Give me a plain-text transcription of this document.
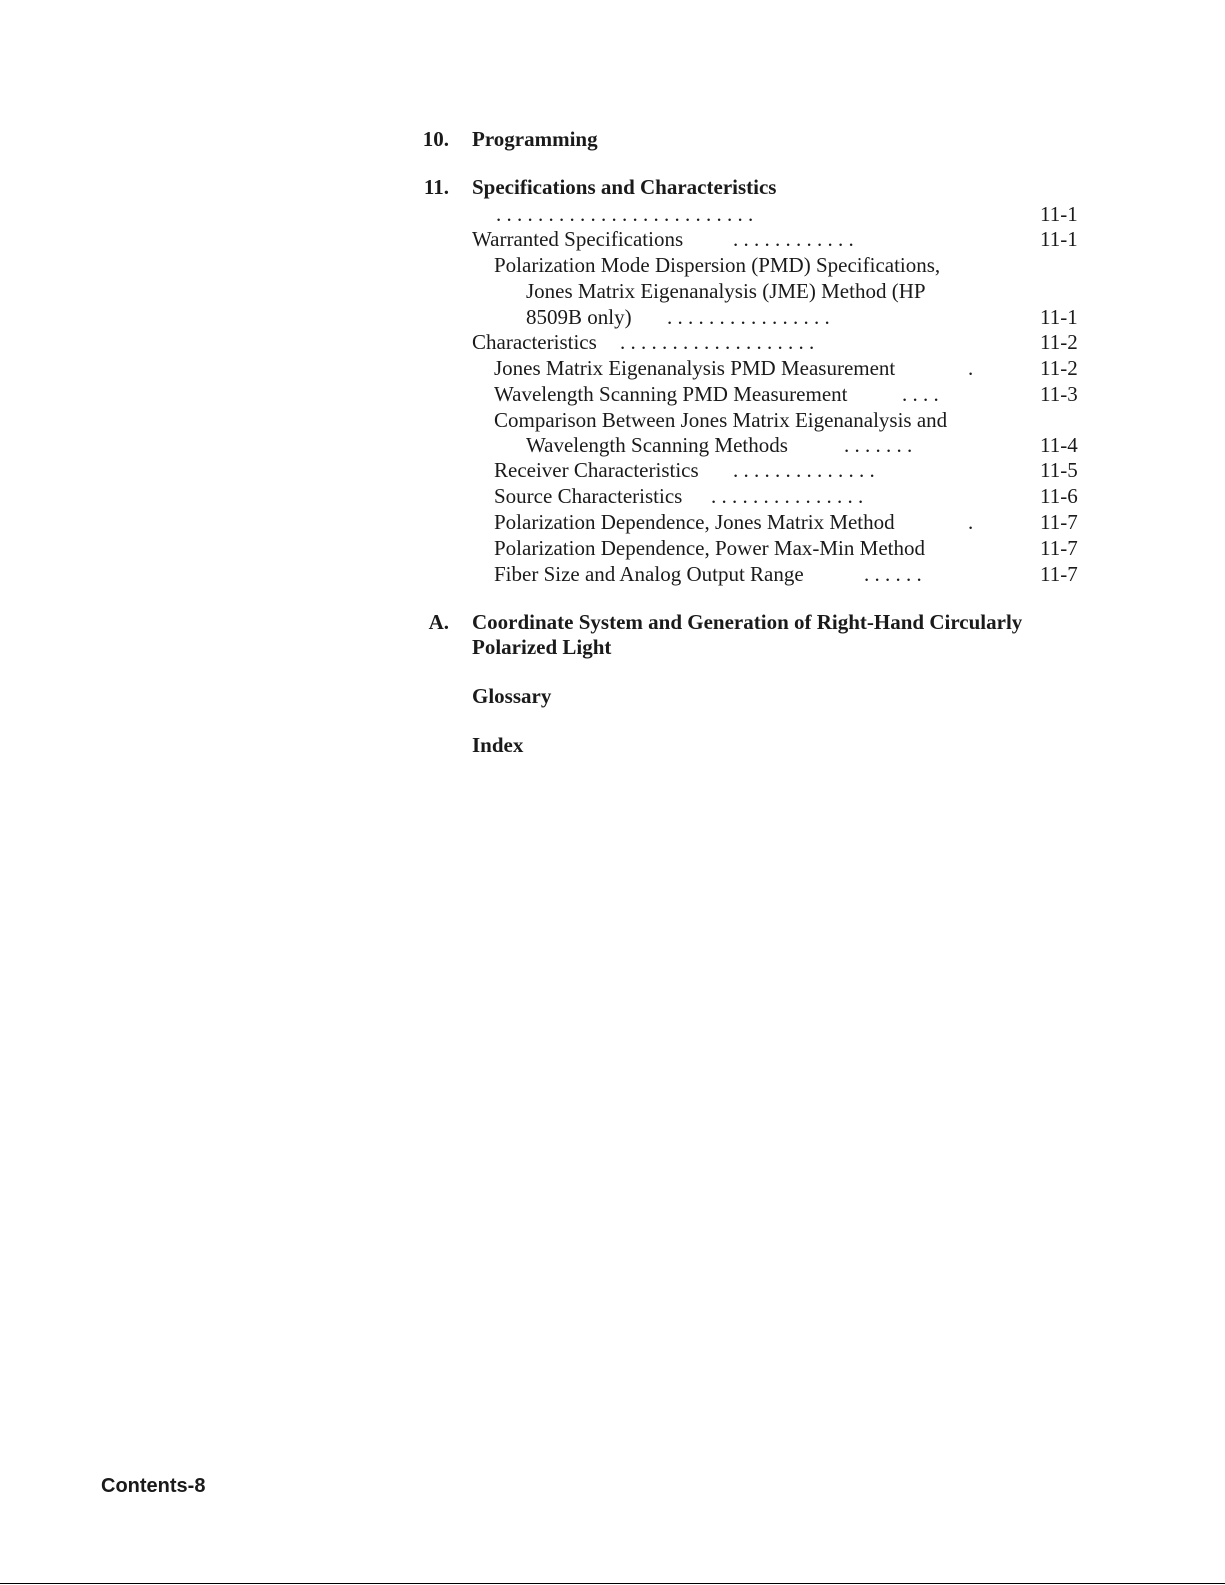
10. Programming
11. Specifications and Characteristics
. . . . . . . . . . . . . . . . . . . . . . . . .	11-1
Warranted Specifications . . . . . . . . . . . .	11-1
Polarization Mode Dispersion (PMD) Specifications,
Jones Matrix Eigenanalysis (JME) Method (HP
8509B only) . . . . . . . . . . . . . . . .	11-1
Characteristics . . . . . . . . . . . . . . . . . . .	11-2
Jones Matrix Eigenanalysis PMD Measurement	.	11-2
Wavelength Scanning PMD Measurement	. . . .	11-3
Comparison Between Jones Matrix Eigenanalysis and
Wavelength Scanning Methods	. . . . . . .	11-4
Receiver Characteristics . . . . . . . . . . . . . .	11-5
Source Characteristics . . . . . . . . . . . . . . .	11-6
Polarization Dependence, Jones Matrix Method	.	11-7
Polarization Dependence, Power Max-Min Method	11-7
Fiber Size and Analog Output Range	. . . . . .	11-7
A. Coordinate System and Generation of Right-Hand Circularly
Polarized Light
Glossary
Index
Contents-8
